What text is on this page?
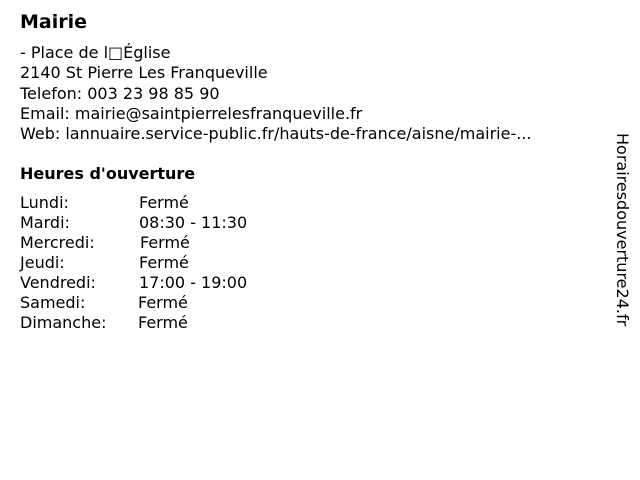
Mairie
- Place de l□Église
2140 St Pierre Les Franqueville
Telefon: 003 23 98 85 90
Email: mairie@saintpierrelesfranqueville.fr
Web: lannuaire.service-public.fr/hauts-de-france/aisne/mairie-...
Heures d'ouverture
Lundi:	Fermé
Mardi:	08:30 - 11:30
Mercredi:	Fermé
Jeudi:	Fermé
Vendredi:	17:00 - 19:00
Samedi:	Fermé
Dimanche:	Fermé	Horairesdouverture24.fr
